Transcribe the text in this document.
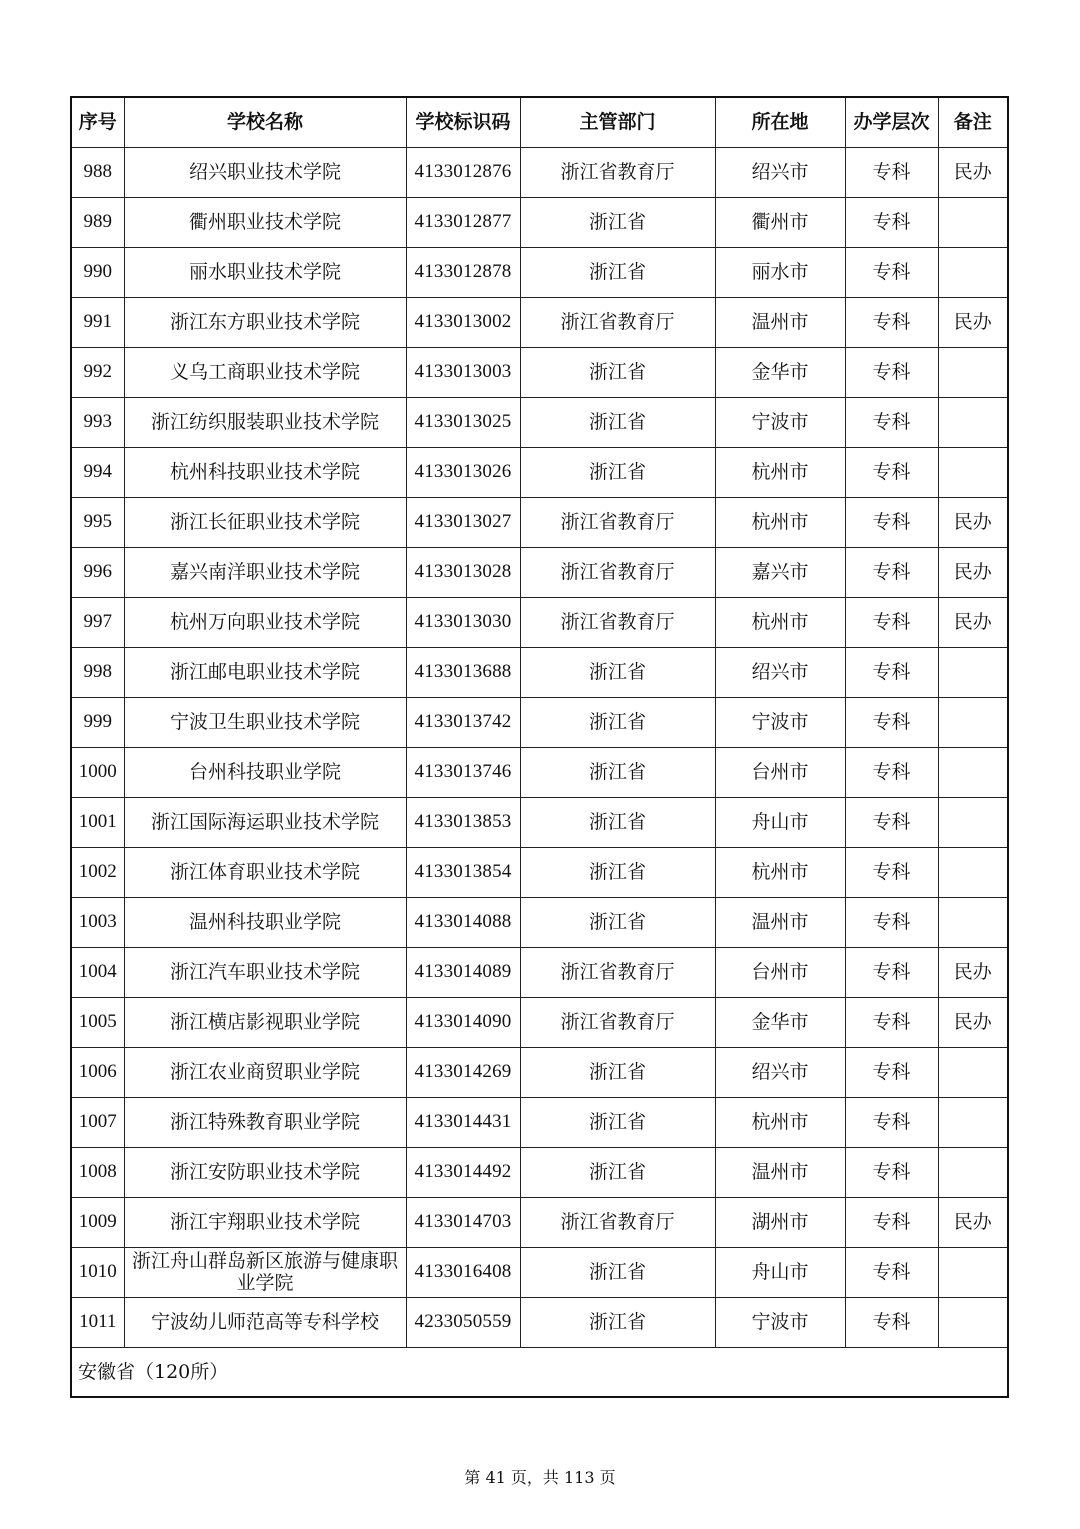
序号	学校名称	学校标识码	主管部门	所在地	办学层次	备注
988	绍兴职业技术学院	4133012876	浙江省教育厅	绍兴市	专科	民办
989	衢州职业技术学院	4133012877	浙江省	衢州市	专科	
990	丽水职业技术学院	4133012878	浙江省	丽水市	专科	
991	浙江东方职业技术学院	4133013002	浙江省教育厅	温州市	专科	民办
992	义乌工商职业技术学院	4133013003	浙江省	金华市	专科	
993	浙江纺织服装职业技术学院	4133013025	浙江省	宁波市	专科	
994	杭州科技职业技术学院	4133013026	浙江省	杭州市	专科	
995	浙江长征职业技术学院	4133013027	浙江省教育厅	杭州市	专科	民办
996	嘉兴南洋职业技术学院	4133013028	浙江省教育厅	嘉兴市	专科	民办
997	杭州万向职业技术学院	4133013030	浙江省教育厅	杭州市	专科	民办
998	浙江邮电职业技术学院	4133013688	浙江省	绍兴市	专科	
999	宁波卫生职业技术学院	4133013742	浙江省	宁波市	专科	
1000	台州科技职业学院	4133013746	浙江省	台州市	专科	
1001	浙江国际海运职业技术学院	4133013853	浙江省	舟山市	专科	
1002	浙江体育职业技术学院	4133013854	浙江省	杭州市	专科	
1003	温州科技职业学院	4133014088	浙江省	温州市	专科	
1004	浙江汽车职业技术学院	4133014089	浙江省教育厅	台州市	专科	民办
1005	浙江横店影视职业学院	4133014090	浙江省教育厅	金华市	专科	民办
1006	浙江农业商贸职业学院	4133014269	浙江省	绍兴市	专科	
1007	浙江特殊教育职业学院	4133014431	浙江省	杭州市	专科	
1008	浙江安防职业技术学院	4133014492	浙江省	温州市	专科	
1009	浙江宇翔职业技术学院	4133014703	浙江省教育厅	湖州市	专科	民办
1010	浙江舟山群岛新区旅游与健康职业学院	4133016408	浙江省	舟山市	专科	
1011	宁波幼儿师范高等专科学校	4233050559	浙江省	宁波市	专科	
安徽省（120所）						
第 41 页，共 113 页
